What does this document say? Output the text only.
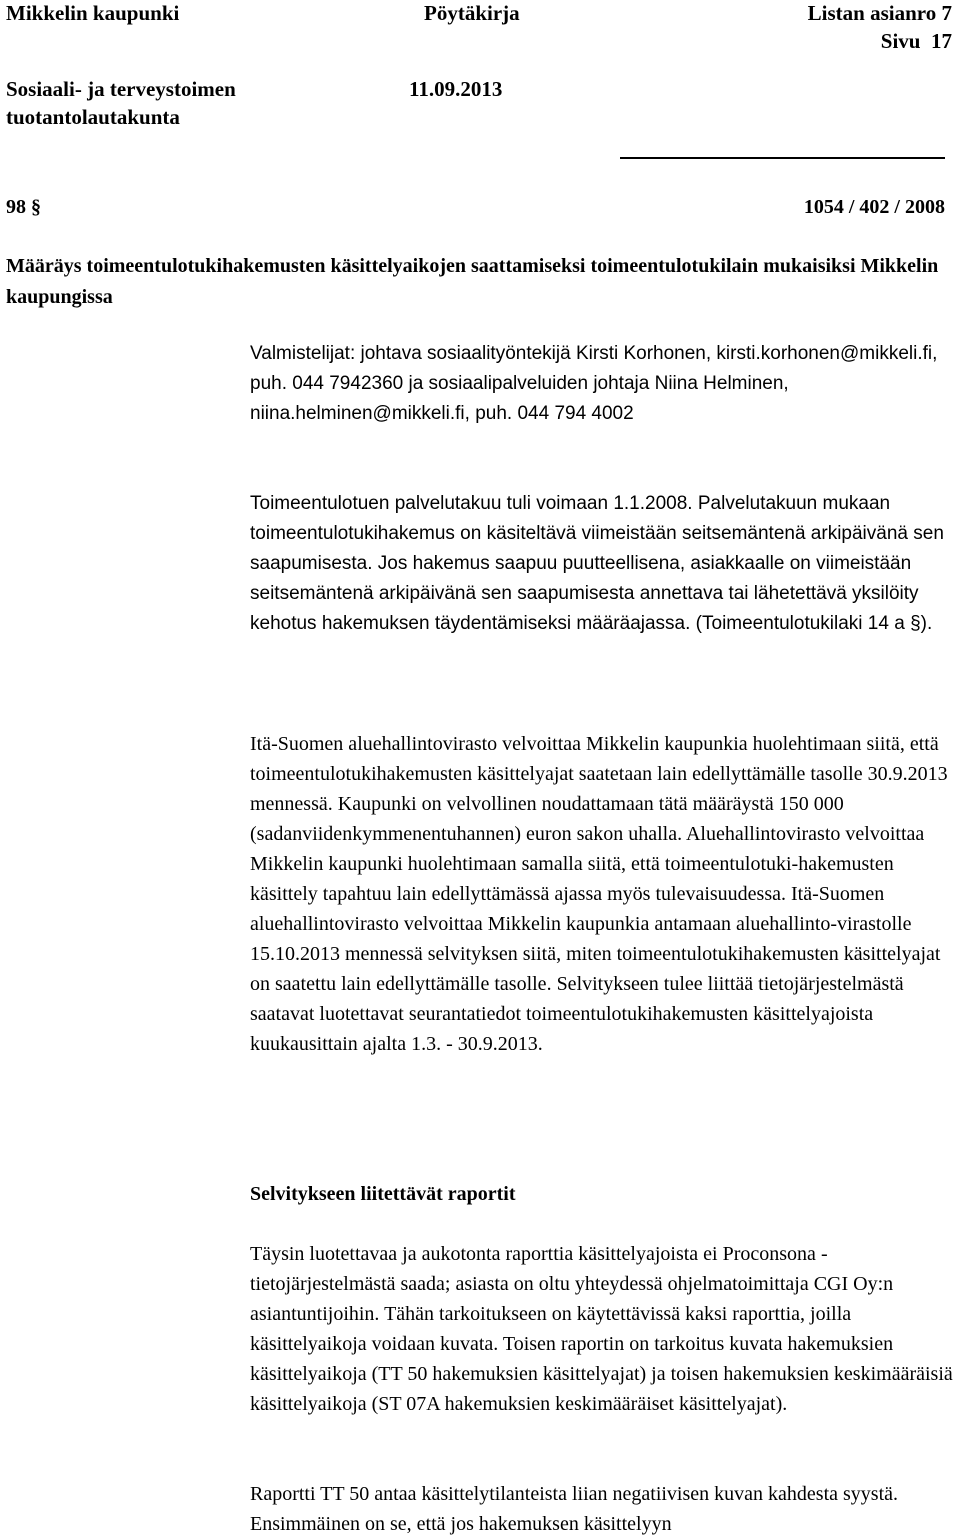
Mikkelin kaupunki	Pöytäkirja	Listan asianro 7
Sivu  17
Sosiaali- ja terveystoimen
tuotantolautakunta
11.09.2013
98 §	1054 / 402 / 2008
Määräys toimeentulotukihakemusten käsittelyaikojen saattamiseksi toimeentulotukilain mukaisiksi Mikkelin kaupungissa
Valmistelijat: johtava sosiaalityöntekijä Kirsti Korhonen, kirsti.korhonen@mikkeli.fi, puh. 044 7942360 ja sosiaalipalveluiden johtaja Niina Helminen, niina.helminen@mikkeli.fi, puh. 044 794 4002

Toimeentulotuen palvelutakuu tuli voimaan 1.1.2008. Palvelutakuun mukaan toimeentulotukihakemus on käsiteltävä viimeistään seitsemäntenä arkipäivänä sen saapumisesta. Jos hakemus saapuu puutteellisena, asiakkaalle on viimeistään seitsemäntenä arkipäivänä sen saapumisesta annettava tai lähetettävä yksilöity kehotus hakemuksen täydentämiseksi määräajassa. (Toimeentulotukilaki 14 a §).

Itä-Suomen aluehallintovirasto velvoittaa Mikkelin kaupunkia huolehtimaan siitä, että toimeentulotukihakemusten käsittelyajat saatetaan lain edellyttämälle tasolle 30.9.2013 mennessä. Kaupunki on velvollinen noudattamaan tätä määräystä 150 000 (sadanviidenkymmenentuhannen) euron sakon uhalla. Aluehallintovirasto velvoittaa Mikkelin kaupunki huolehtimaan samalla siitä, että toimeentulotuki-hakemusten käsittely tapahtuu lain edellyttämässä ajassa myös tulevaisuudessa. Itä-Suomen aluehallintovirasto velvoittaa Mikkelin kaupunkia antamaan aluehallinto-virastolle 15.10.2013 mennessä selvityksen siitä, miten toimeentulotukihakemusten käsittelyajat on saatettu lain edellyttämälle tasolle. Selvitykseen tulee liittää tietojärjestelmästä saatavat luotettavat seurantatiedot toimeentulotukihakemusten käsittelyajoista kuukausittain ajalta 1.3. - 30.9.2013.

Selvitykseen liitettävät raportit

Täysin luotettavaa ja aukotonta raporttia käsittelyajoista ei Proconsona - tietojärjestelmästä saada; asiasta on oltu yhteydessä ohjelmatoimittaja CGI Oy:n asiantuntijoihin. Tähän tarkoitukseen on käytettävissä kaksi raporttia, joilla käsittelyaikoja voidaan kuvata. Toisen raportin on tarkoitus kuvata hakemuksien käsittelyaikoja (TT 50 hakemuksien käsittelyajat) ja toisen hakemuksien keskimääräisiä käsittelyaikoja (ST 07A hakemuksien keskimääräiset käsittelyajat).

Raportti TT 50 antaa käsittelytilanteista liian negatiivisen kuvan kahdesta syystä. Ensimmäinen on se, että jos hakemuksen käsittelyyn
